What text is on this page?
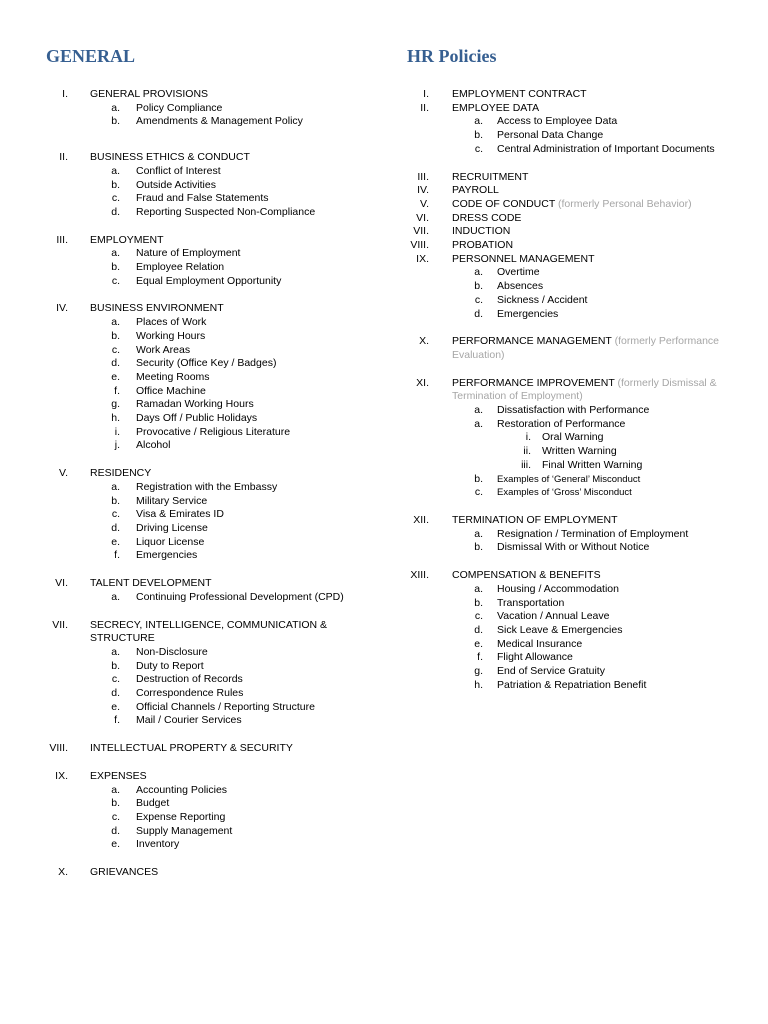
GENERAL
I. GENERAL PROVISIONS
a. Policy Compliance
b. Amendments & Management Policy
II. BUSINESS ETHICS & CONDUCT
a. Conflict of Interest
b. Outside Activities
c. Fraud and False Statements
d. Reporting Suspected Non-Compliance
III. EMPLOYMENT
a. Nature of Employment
b. Employee Relation
c. Equal Employment Opportunity
IV. BUSINESS ENVIRONMENT
a. Places of Work
b. Working Hours
c. Work Areas
d. Security (Office Key / Badges)
e. Meeting Rooms
f. Office Machine
g. Ramadan Working Hours
h. Days Off / Public Holidays
i. Provocative / Religious Literature
j. Alcohol
V. RESIDENCY
a. Registration with the Embassy
b. Military Service
c. Visa & Emirates ID
d. Driving License
e. Liquor License
f. Emergencies
VI. TALENT DEVELOPMENT
a. Continuing Professional Development (CPD)
VII. SECRECY, INTELLIGENCE, COMMUNICATION & STRUCTURE
a. Non-Disclosure
b. Duty to Report
c. Destruction of Records
d. Correspondence Rules
e. Official Channels / Reporting Structure
f. Mail / Courier Services
VIII. INTELLECTUAL PROPERTY & SECURITY
IX. EXPENSES
a. Accounting Policies
b. Budget
c. Expense Reporting
d. Supply Management
e. Inventory
X. GRIEVANCES
HR Policies
I. EMPLOYMENT CONTRACT
II. EMPLOYEE DATA
a. Access to Employee Data
b. Personal Data Change
c. Central Administration of Important Documents
III. RECRUITMENT
IV. PAYROLL
V. CODE OF CONDUCT (formerly Personal Behavior)
VI. DRESS CODE
VII. INDUCTION
VIII. PROBATION
IX. PERSONNEL MANAGEMENT
a. Overtime
b. Absences
c. Sickness / Accident
d. Emergencies
X. PERFORMANCE MANAGEMENT (formerly Performance Evaluation)
XI. PERFORMANCE IMPROVEMENT (formerly Dismissal & Termination of Employment)
a. Dissatisfaction with Performance
a. Restoration of Performance
i. Oral Warning
ii. Written Warning
iii. Final Written Warning
b. Examples of ‘General’ Misconduct
c. Examples of ‘Gross’ Misconduct
XII. TERMINATION OF EMPLOYMENT
a. Resignation / Termination of Employment
b. Dismissal With or Without Notice
XIII. COMPENSATION & BENEFITS
a. Housing / Accommodation
b. Transportation
c. Vacation / Annual Leave
d. Sick Leave & Emergencies
e. Medical Insurance
f. Flight Allowance
g. End of Service Gratuity
h. Patriation & Repatriation Benefit
